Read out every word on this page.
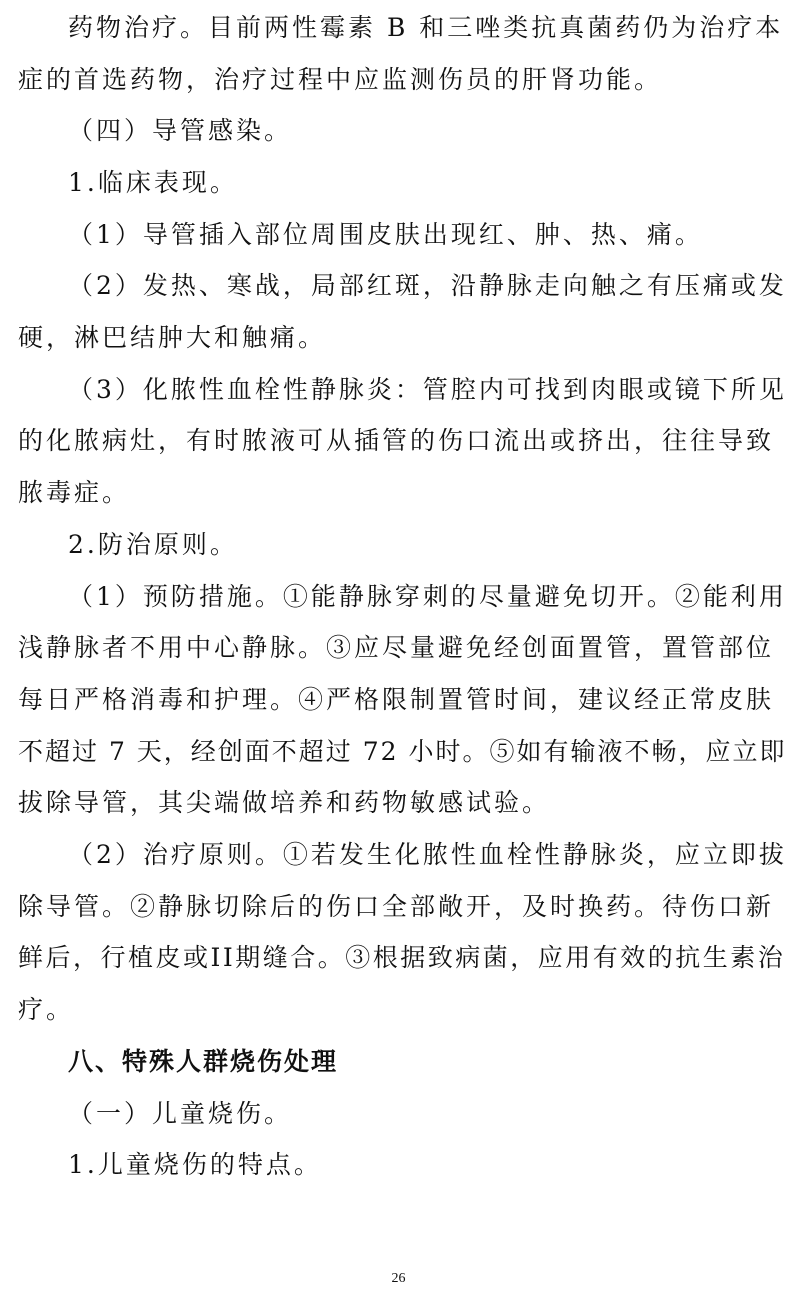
药物治疗。目前两性霉素 B 和三唑类抗真菌药仍为治疗本
症的首选药物，治疗过程中应监测伤员的肝肾功能。
（四）导管感染。
1.临床表现。
（1）导管插入部位周围皮肤出现红、肿、热、痛。
（2）发热、寒战，局部红斑，沿静脉走向触之有压痛或发
硬，淋巴结肿大和触痛。
（3）化脓性血栓性静脉炎：管腔内可找到肉眼或镜下所见
的化脓病灶，有时脓液可从插管的伤口流出或挤出，往往导致
脓毒症。
2.防治原则。
（1）预防措施。①能静脉穿刺的尽量避免切开。②能利用
浅静脉者不用中心静脉。③应尽量避免经创面置管，置管部位
每日严格消毒和护理。④严格限制置管时间，建议经正常皮肤
不超过 7 天，经创面不超过 72 小时。⑤如有输液不畅，应立即
拔除导管，其尖端做培养和药物敏感试验。
（2）治疗原则。①若发生化脓性血栓性静脉炎，应立即拔
除导管。②静脉切除后的伤口全部敞开，及时换药。待伤口新
鲜后，行植皮或II期缝合。③根据致病菌，应用有效的抗生素治
疗。
八、特殊人群烧伤处理
（一）儿童烧伤。
1.儿童烧伤的特点。
26
